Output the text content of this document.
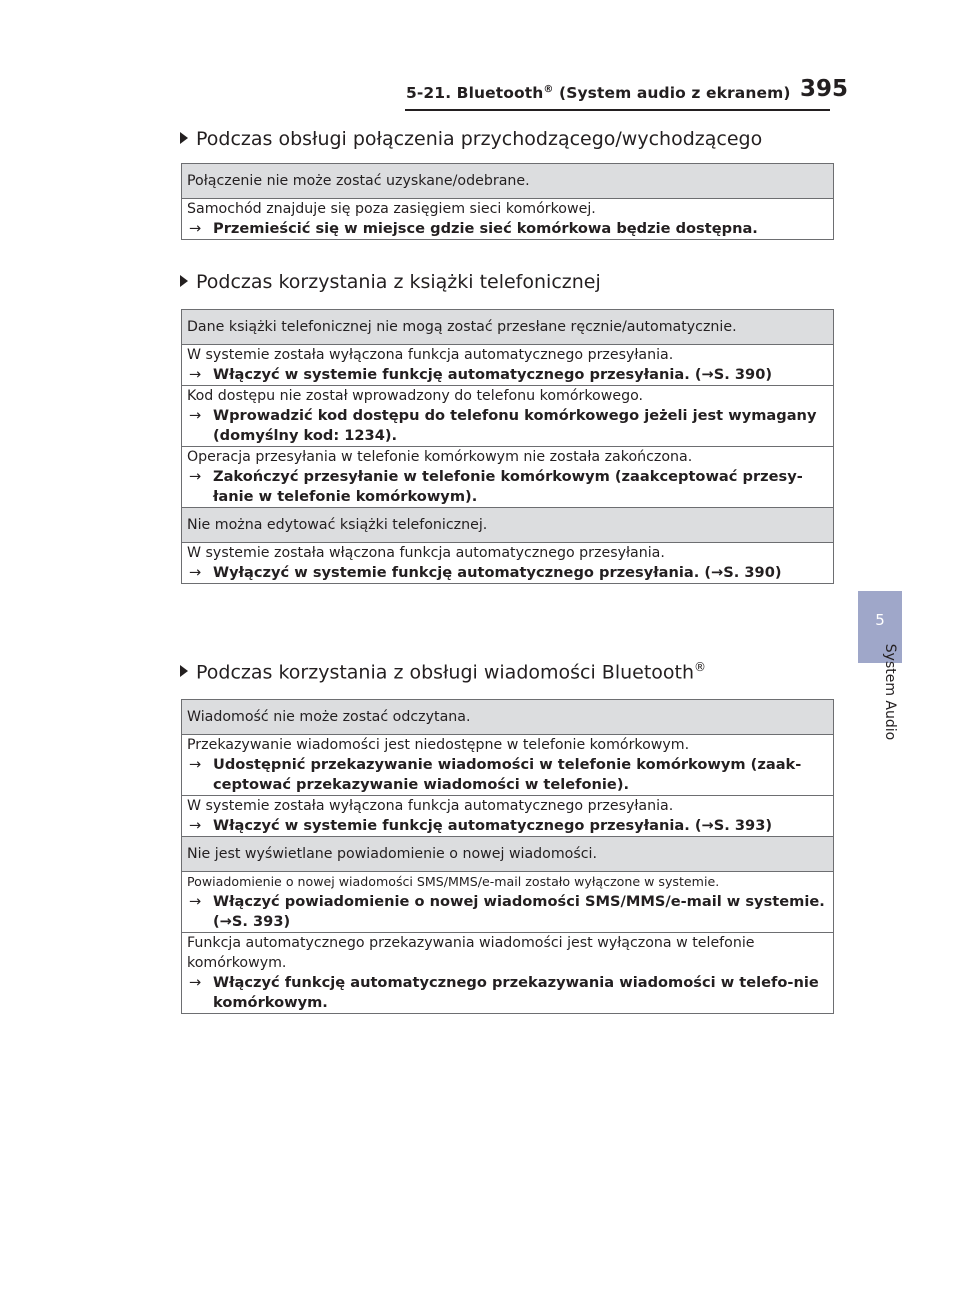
5-21. Bluetooth® (System audio z ekranem) 395
5
System Audio
Podczas obsługi połączenia przychodzącego/wychodzącego
Połączenie nie może zostać uzyskane/odebrane.

Samochód znajduje się poza zasięgiem sieci komórkowej.
→ Przemieścić się w miejsce gdzie sieć komórkowa będzie dostępna.
Podczas korzystania z książki telefonicznej
Dane książki telefonicznej nie mogą zostać przesłane ręcznie/automatycznie.

W systemie została wyłączona funkcja automatycznego przesyłania.
→ Włączyć w systemie funkcję automatycznego przesyłania. (→S. 390)

Kod dostępu nie został wprowadzony do telefonu komórkowego.
→ Wprowadzić kod dostępu do telefonu komórkowego jeżeli jest wymagany (domyślny kod: 1234).

Operacja przesyłania w telefonie komórkowym nie została zakończona.
→ Zakończyć przesyłanie w telefonie komórkowym (zaakceptować przesy-łanie w telefonie komórkowym).

Nie można edytować książki telefonicznej.

W systemie została włączona funkcja automatycznego przesyłania.
→ Wyłączyć w systemie funkcję automatycznego przesyłania. (→S. 390)
Podczas korzystania z obsługi wiadomości Bluetooth®
Wiadomość nie może zostać odczytana.

Przekazywanie wiadomości jest niedostępne w telefonie komórkowym.
→ Udostępnić przekazywanie wiadomości w telefonie komórkowym (zaak-ceptować przekazywanie wiadomości w telefonie).

W systemie została wyłączona funkcja automatycznego przesyłania.
→ Włączyć w systemie funkcję automatycznego przesyłania. (→S. 393)

Nie jest wyświetlane powiadomienie o nowej wiadomości.

Powiadomienie o nowej wiadomości SMS/MMS/e-mail zostało wyłączone w systemie.
→ Włączyć powiadomienie o nowej wiadomości SMS/MMS/e-mail w systemie. (→S. 393)

Funkcja automatycznego przekazywania wiadomości jest wyłączona w telefonie komórkowym.
→ Włączyć funkcję automatycznego przekazywania wiadomości w telefo-nie komórkowym.
